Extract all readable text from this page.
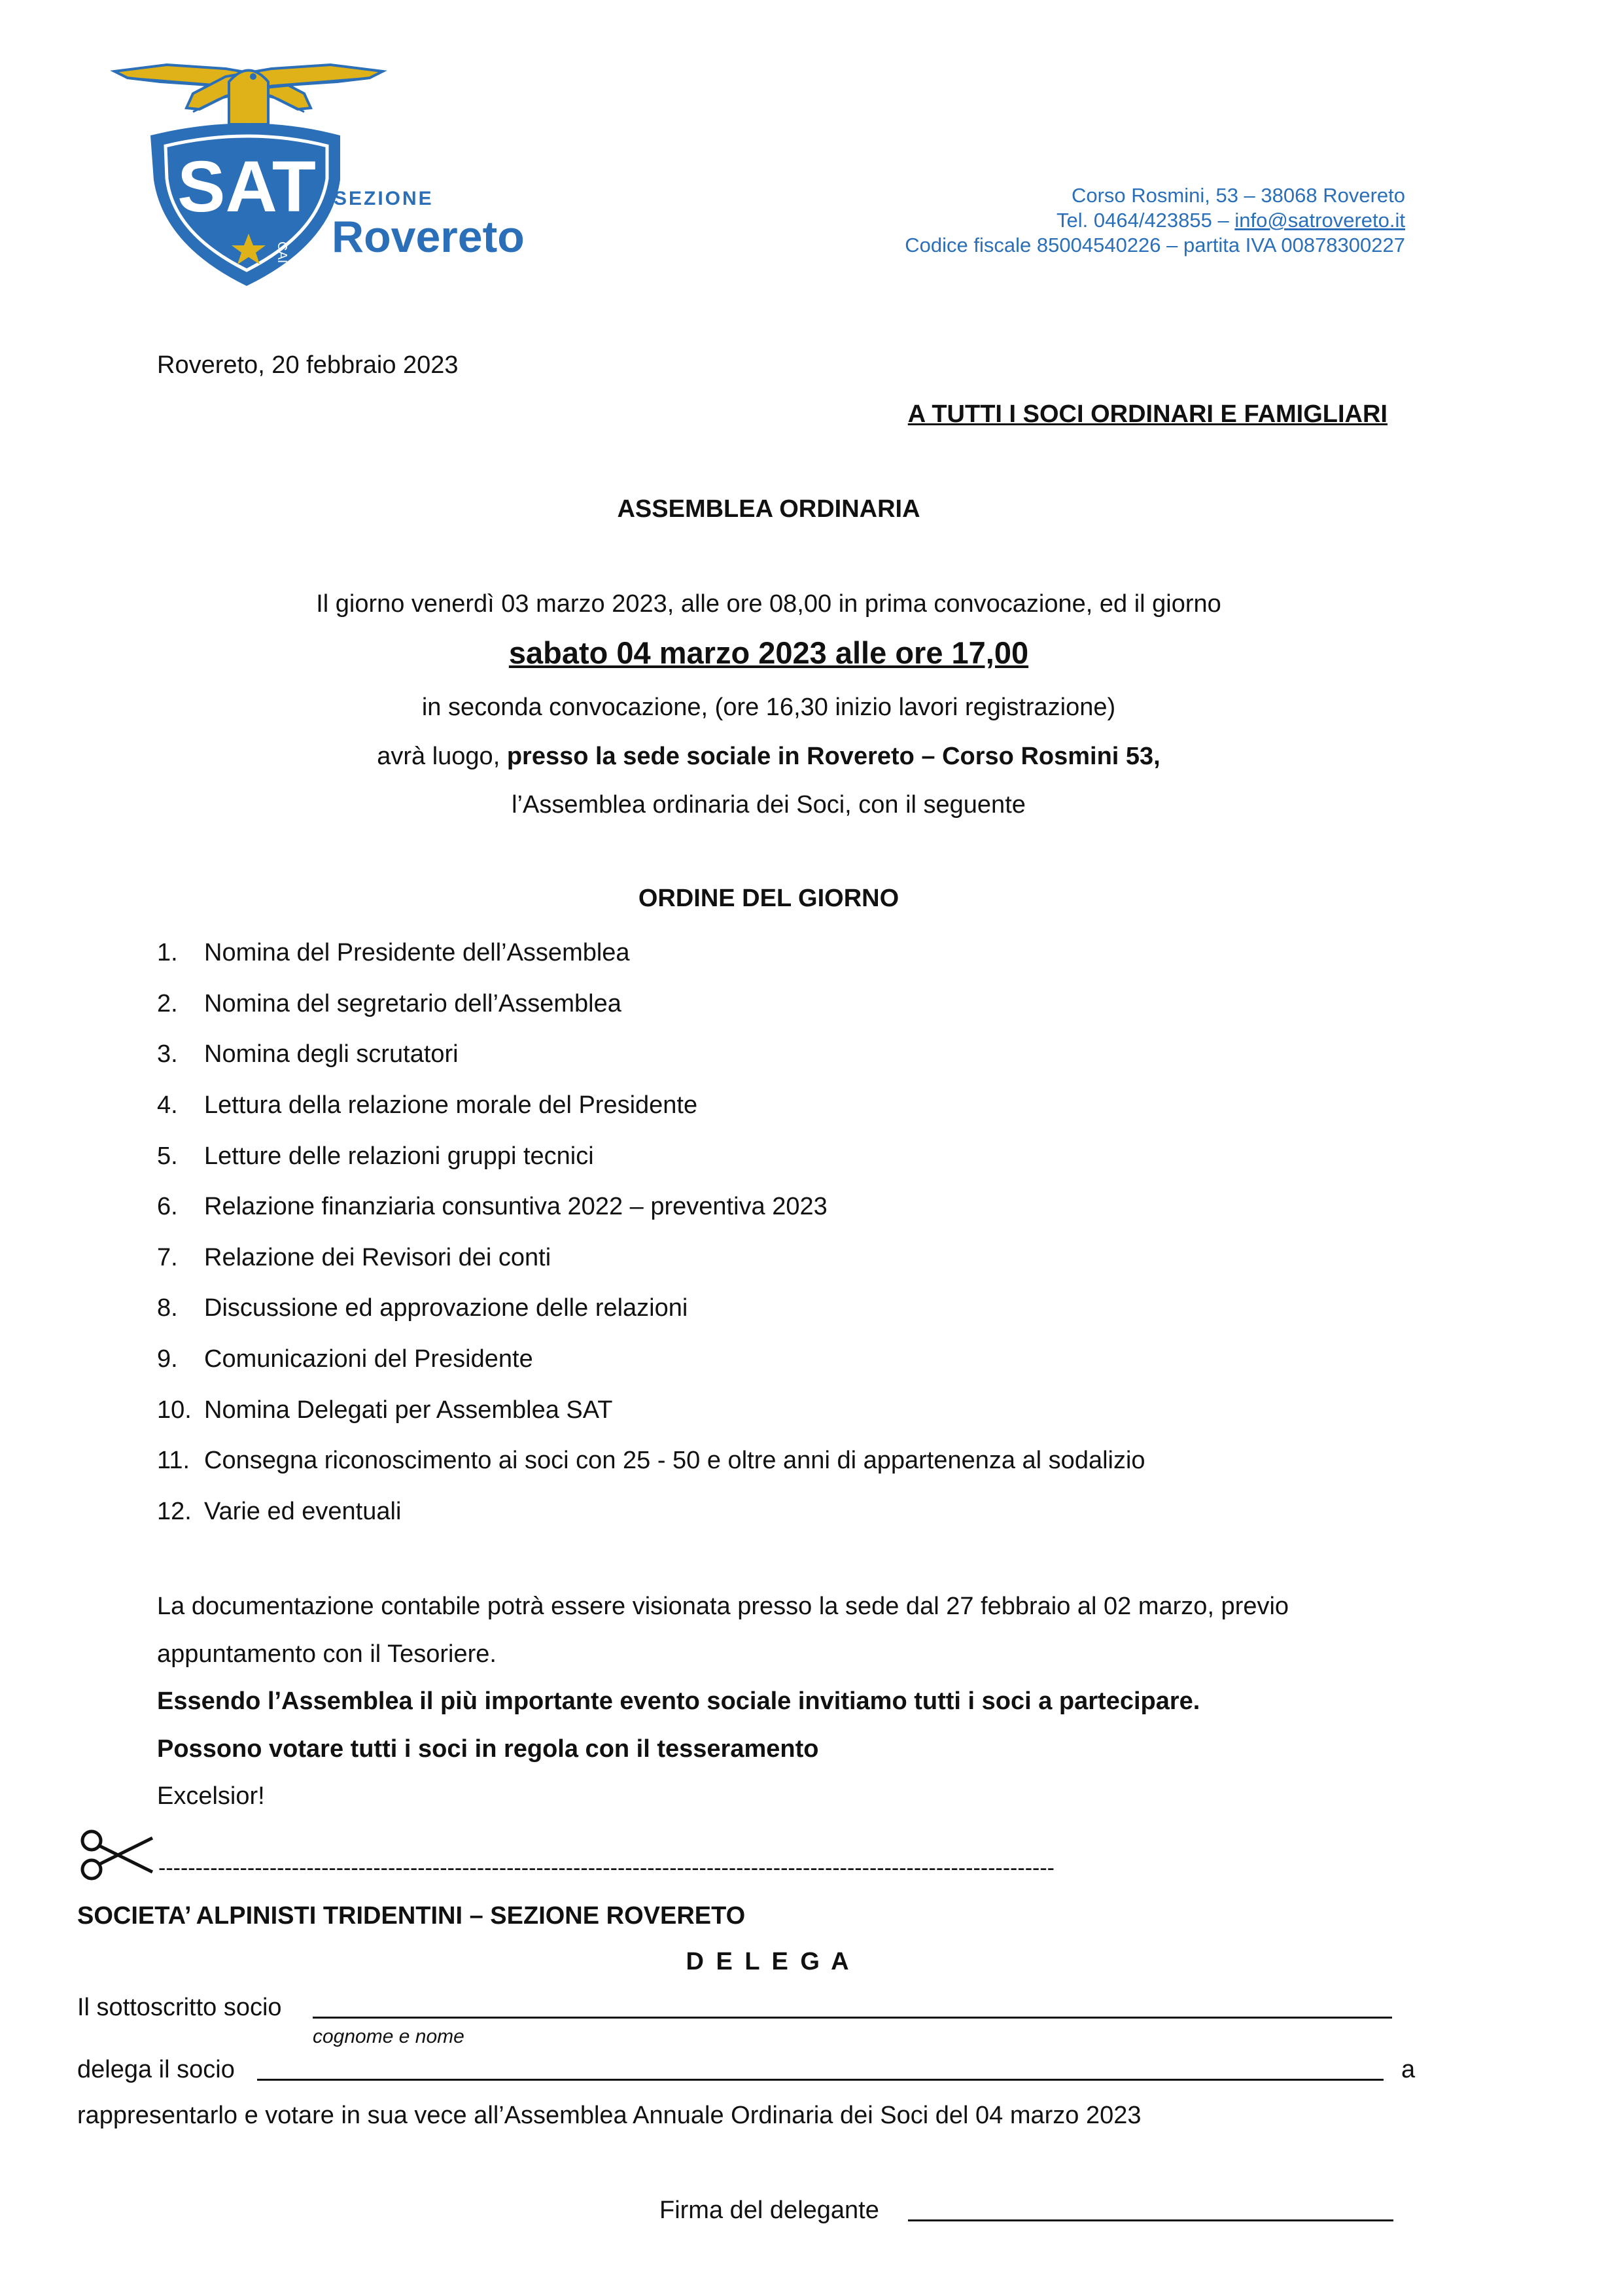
SAT
CAI
SEZIONE
Rovereto
Corso Rosmini, 53 – 38068 Rovereto
Tel. 0464/423855 – info@satrovereto.it
Codice fiscale 85004540226 – partita IVA 00878300227
Rovereto, 20 febbraio 2023
A TUTTI I SOCI ORDINARI E FAMIGLIARI
ASSEMBLEA ORDINARIA
Il giorno venerdì 03 marzo 2023, alle ore 08,00 in prima convocazione, ed il giorno
sabato 04 marzo 2023 alle ore 17,00
in seconda convocazione, (ore 16,30 inizio lavori registrazione)
avrà luogo, presso la sede sociale in Rovereto – Corso Rosmini 53,
l’Assemblea ordinaria dei Soci, con il seguente
ORDINE DEL GIORNO
1.	Nomina del Presidente dell’Assemblea
2.	Nomina del segretario dell’Assemblea
3.	Nomina degli scrutatori
4.	Lettura della relazione morale del Presidente
5.	Letture delle relazioni gruppi tecnici
6.	Relazione finanziaria consuntiva 2022 – preventiva 2023
7.	Relazione dei Revisori dei conti
8.	Discussione ed approvazione delle relazioni
9.	Comunicazioni del Presidente
10. Nomina Delegati per Assemblea SAT
11. Consegna riconoscimento ai soci con 25 - 50 e oltre anni di appartenenza al sodalizio
12. Varie ed eventuali
La documentazione contabile potrà essere visionata presso la sede dal 27 febbraio al 02 marzo, previo
appuntamento con il Tesoriere.
Essendo l’Assemblea il più importante evento sociale invitiamo tutti i soci a partecipare.
Possono votare tutti i soci in regola con il tesseramento
Excelsior!
-------------------------------------------------------------------------------------------------------------------------
SOCIETA’ ALPINISTI TRIDENTINI – SEZIONE ROVERETO
D E L E G A
Il sottoscritto socio
cognome e nome
delega il socio	a
rappresentarlo e votare in sua vece all’Assemblea Annuale Ordinaria dei Soci del 04 marzo 2023
Firma del delegante
